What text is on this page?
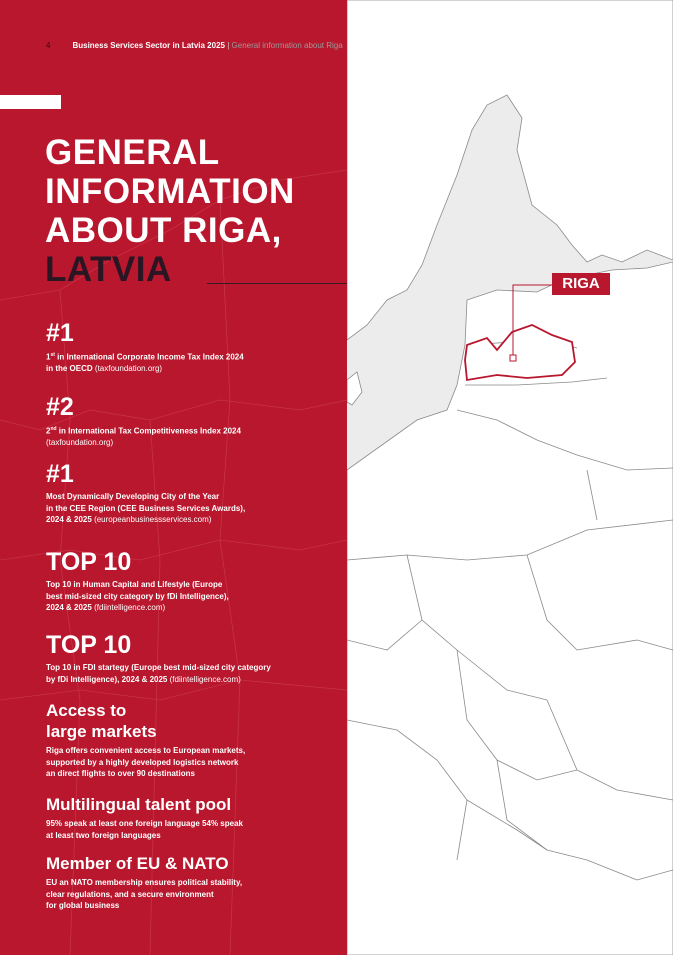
4	Business Services Sector in Latvia 2025 | General information about Riga
GENERAL
INFORMATION
ABOUT RIGA,
LATVIA

#1

1st in International Corporate Income Tax Index 2024
in the OECD (taxfoundation.org)

#2

2nd in International Tax Competitiveness Index 2024
(taxfoundation.org)

#1

Most Dynamically Developing City of the Year
in the CEE Region (CEE Business Services Awards),
2024 & 2025 (europeanbusinessservices.com)

TOP 10

Top 10 in Human Capital and Lifestyle (Europe
best mid-sized city category by fDi Intelligence),
2024 & 2025 (fdiintelligence.com)

TOP 10

Top 10 in FDI startegy (Europe best mid-sized city category
by fDi Intelligence), 2024 & 2025 (fdiintelligence.com)

Access to
large markets

Riga offers convenient access to European markets,
supported by a highly developed logistics network
an direct flights to over 90 destinations

Multilingual talent pool

95% speak at least one foreign language 54% speak
at least two foreign languages

Member of EU & NATO

EU an NATO membership ensures political stability,
clear regulations, and a secure environment
for global business

RIGA
